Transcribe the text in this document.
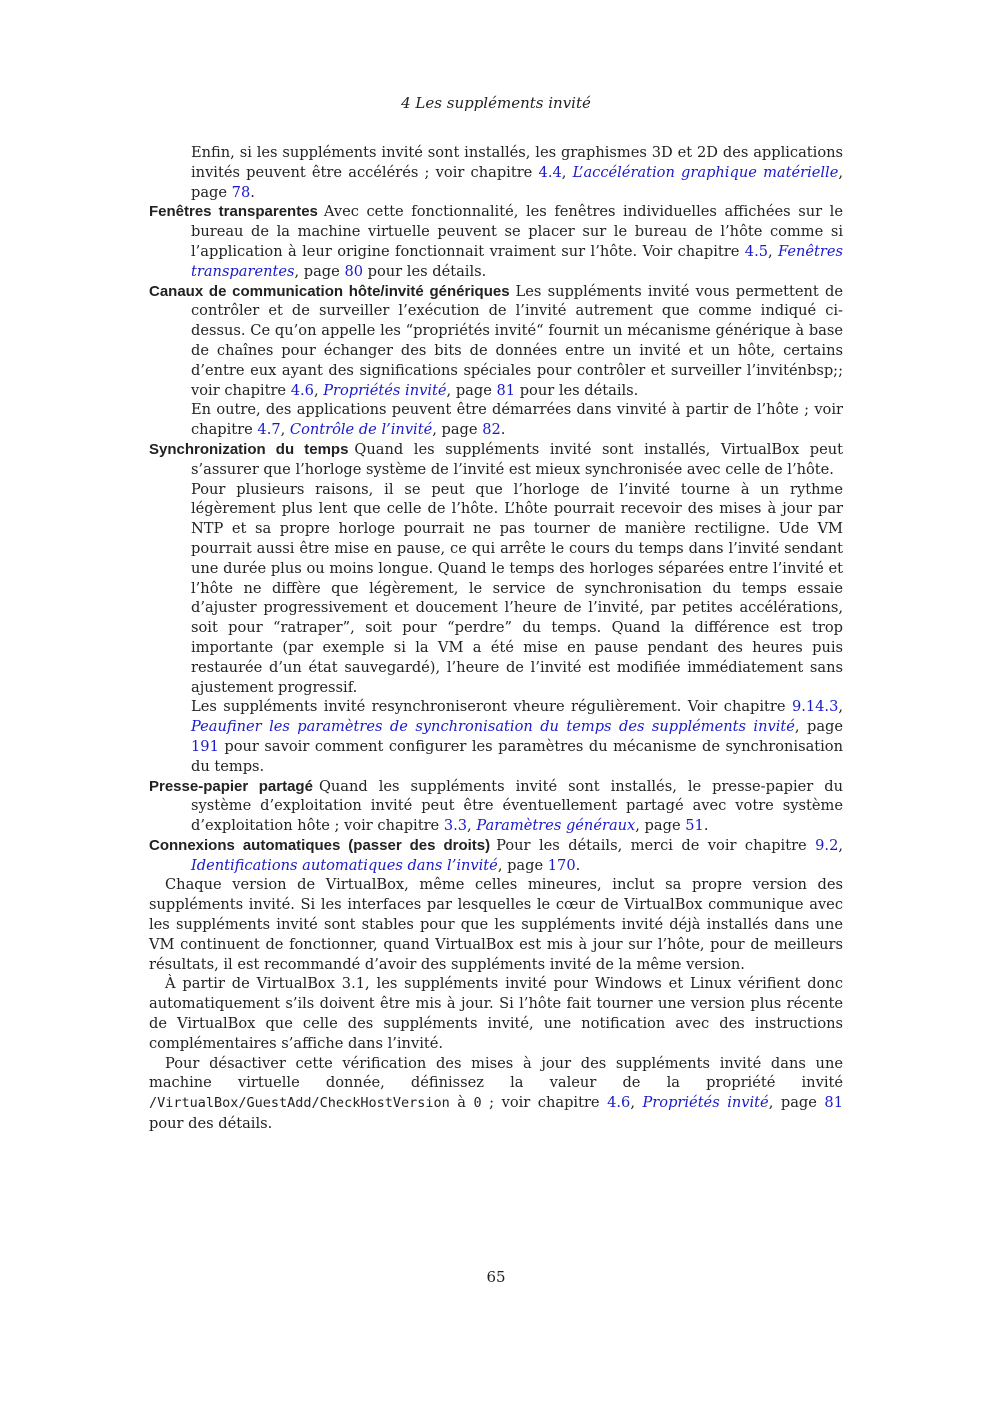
4 Les suppléments invité

Enfin, si les suppléments invité sont installés, les graphismes 3D et 2D des applications invités peuvent être accélérés ; voir chapitre 4.4, L’accélération graphique matérielle, page 78.

Fenêtres transparentes Avec cette fonctionnalité, les fenêtres individuelles affichées sur le bureau de la machine virtuelle peuvent se placer sur le bureau de l’hôte comme si l’application à leur origine fonctionnait vraiment sur l’hôte. Voir chapitre 4.5, Fenêtres transparentes, page 80 pour les détails.

Canaux de communication hôte/invité génériques Les suppléments invité vous permettent de contrôler et de surveiller l’exécution de l’invité autrement que comme indiqué ci-dessus. Ce qu’on appelle les “propriétés invité“ fournit un mécanisme générique à base de chaînes pour échanger des bits de données entre un invité et un hôte, certains d’entre eux ayant des significations spéciales pour contrôler et surveiller l’inviténbsp;; voir chapitre 4.6, Propriétés invité, page 81 pour les détails.

En outre, des applications peuvent être démarrées dans vinvité à partir de l’hôte ; voir chapitre 4.7, Contrôle de l’invité, page 82.

Synchronization du temps Quand les suppléments invité sont installés, VirtualBox peut s’assurer que l’horloge système de l’invité est mieux synchronisée avec celle de l’hôte.

Pour plusieurs raisons, il se peut que l’horloge de l’invité tourne à un rythme légèrement plus lent que celle de l’hôte. L’hôte pourrait recevoir des mises à jour par NTP et sa propre horloge pourrait ne pas tourner de manière rectiligne. Ude VM pourrait aussi être mise en pause, ce qui arrête le cours du temps dans l’invité sendant une durée plus ou moins longue. Quand le temps des horloges séparées entre l’invité et l’hôte ne diffère que légèrement, le service de synchronisation du temps essaie d’ajuster progressivement et doucement l’heure de l’invité, par petites accélérations, soit pour “ratraper”, soit pour “perdre” du temps. Quand la différence est trop importante (par exemple si la VM a été mise en pause pendant des heures puis restaurée d’un état sauvegardé), l’heure de l’invité est modifiée immédiatement sans ajustement progressif.

Les suppléments invité resynchroniseront vheure régulièrement. Voir chapitre 9.14.3, Peaufiner les paramètres de synchronisation du temps des suppléments invité, page 191 pour savoir comment configurer les paramètres du mécanisme de synchronisation du temps.

Presse-papier partagé Quand les suppléments invité sont installés, le presse-papier du système d’exploitation invité peut être éventuellement partagé avec votre système d’exploitation hôte ; voir chapitre 3.3, Paramètres généraux, page 51.

Connexions automatiques (passer des droits) Pour les détails, merci de voir chapitre 9.2, Identifications automatiques dans l’invité, page 170.

Chaque version de VirtualBox, même celles mineures, inclut sa propre version des suppléments invité. Si les interfaces par lesquelles le cœur de VirtualBox communique avec les suppléments invité sont stables pour que les suppléments invité déjà installés dans une VM continuent de fonctionner, quand VirtualBox est mis à jour sur l’hôte, pour de meilleurs résultats, il est recommandé d’avoir des suppléments invité de la même version.

À partir de VirtualBox 3.1, les suppléments invité pour Windows et Linux vérifient donc automatiquement s’ils doivent être mis à jour. Si l’hôte fait tourner une version plus récente de VirtualBox que celle des suppléments invité, une notification avec des instructions complémentaires s’affiche dans l’invité.

Pour désactiver cette vérification des mises à jour des suppléments invité dans une machine virtuelle donnée, définissez la valeur de la propriété invité /VirtualBox/GuestAdd/CheckHostVersion à 0 ; voir chapitre 4.6, Propriétés invité, page 81 pour des détails.

65
